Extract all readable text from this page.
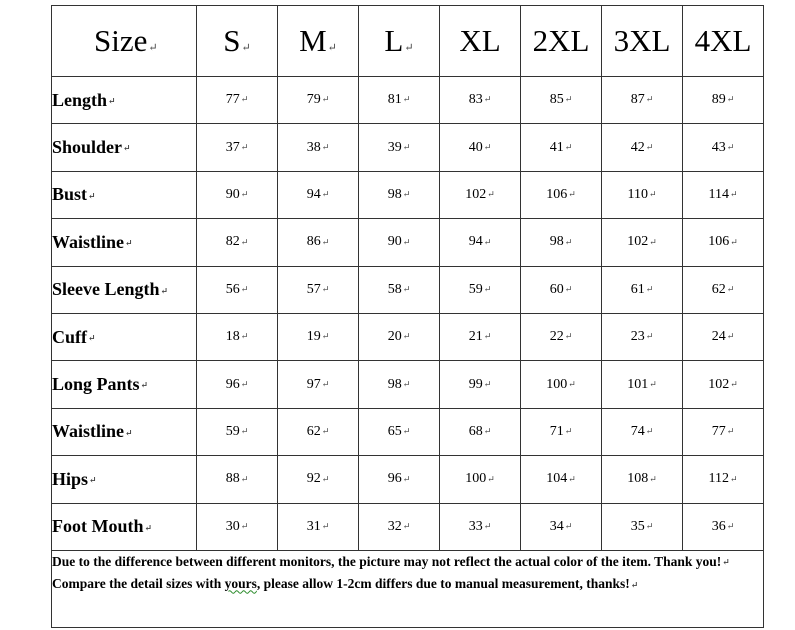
Size↵	S↵	M↵	L↵	XL	2XL	3XL	4XL
Length↵	77↵	79↵	81↵	83↵	85↵	87↵	89↵
Shoulder↵	37↵	38↵	39↵	40↵	41↵	42↵	43↵
Bust↵	90↵	94↵	98↵	102↵	106↵	110↵	114↵
Waistline↵	82↵	86↵	90↵	94↵	98↵	102↵	106↵
Sleeve Length↵	56↵	57↵	58↵	59↵	60↵	61↵	62↵
Cuff↵	18↵	19↵	20↵	21↵	22↵	23↵	24↵
Long Pants↵	96↵	97↵	98↵	99↵	100↵	101↵	102↵
Waistline↵	59↵	62↵	65↵	68↵	71↵	74↵	77↵
Hips↵	88↵	92↵	96↵	100↵	104↵	108↵	112↵
Foot Mouth↵	30↵	31↵	32↵	33↵	34↵	35↵	36↵

Due to the difference between different monitors, the picture may not reflect the actual color of the item. Thank you!↵

Compare the detail sizes with yours, please allow 1-2cm differs due to manual measurement, thanks!↵							
